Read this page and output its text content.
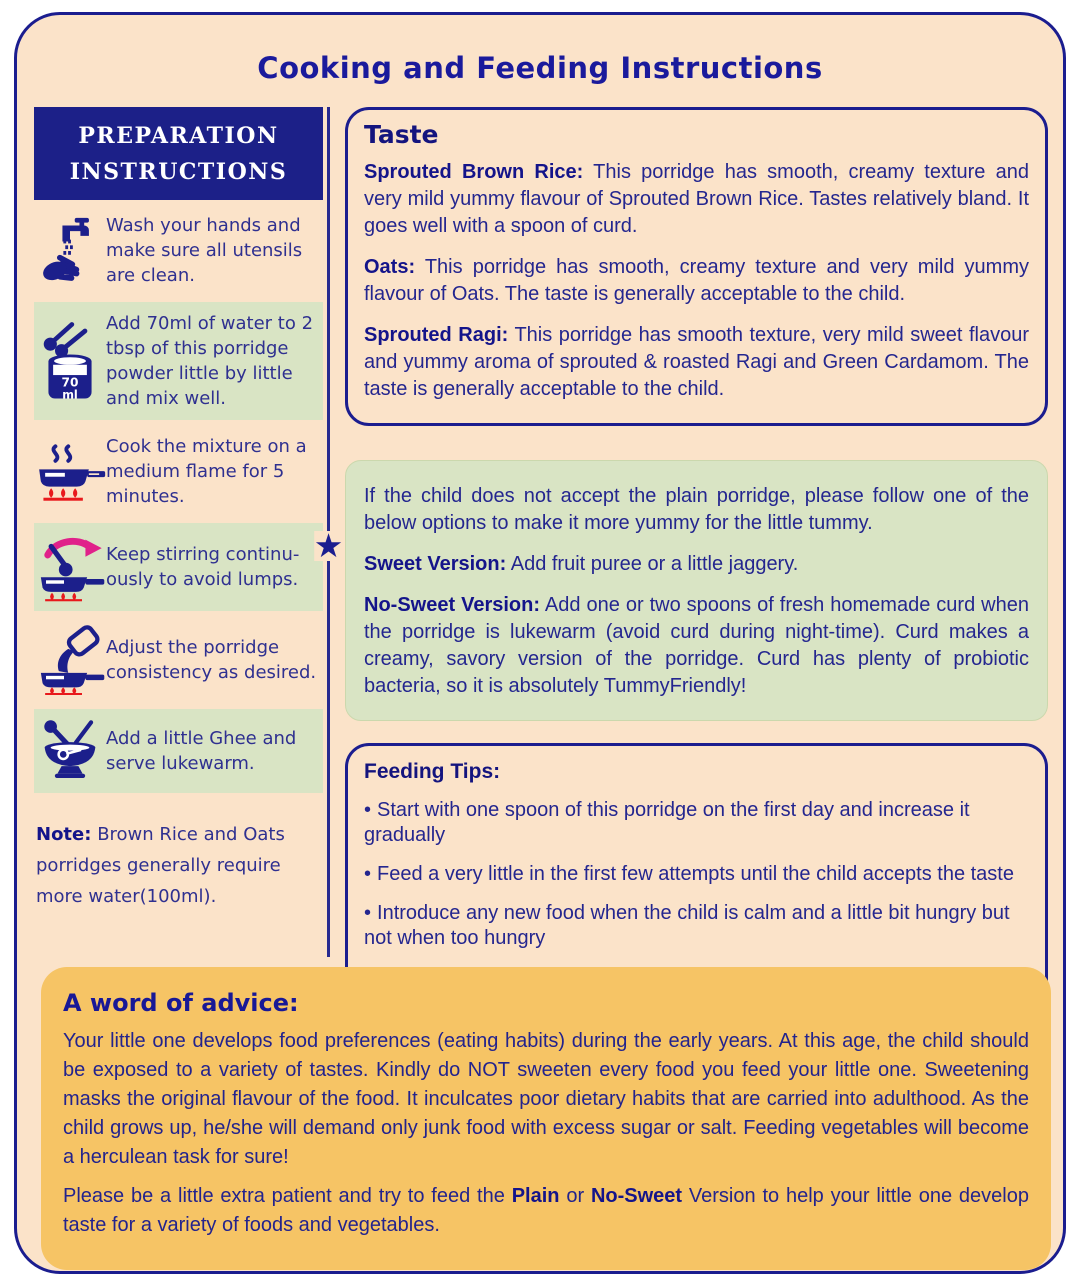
Cooking and Feeding Instructions
PREPARATION
INSTRUCTIONS
Wash your hands and make sure all utensils are clean.
70
ml
Add 70ml of water to 2 tbsp of this porridge powder little by little and mix well.
Cook the mixture on a medium flame for 5 minutes.
Keep stirring continu- ously to avoid lumps.
Adjust the porridge consistency as desired.
Add a little Ghee and serve lukewarm.

Note: Brown Rice and Oats porridges generally require more water(100ml).

★
Taste

Sprouted Brown Rice: This porridge has smooth, creamy texture and very mild yummy flavour of Sprouted Brown Rice. Tastes relatively bland. It goes well with a spoon of curd.

Oats: This porridge has smooth, creamy texture and very mild yummy flavour of Oats. The taste is generally acceptable to the child.

Sprouted Ragi: This porridge has smooth texture, very mild sweet flavour and yummy aroma of sprouted & roasted Ragi and Green Cardamom. The taste is generally acceptable to the child.

If the child does not accept the plain porridge, please follow one of the below options to make it more yummy for the little tummy.

Sweet Version: Add fruit puree or a little jaggery.

No-Sweet Version: Add one or two spoons of fresh homemade curd when the porridge is lukewarm (avoid curd during night-time). Curd makes a creamy, savory version of the porridge. Curd has plenty of probiotic bacteria, so it is absolutely TummyFriendly!

Feeding Tips:
• Start with one spoon of this porridge on the first day and increase it gradually
• Feed a very little in the first few attempts until the child accepts the taste
• Introduce any new food when the child is calm and a little bit hungry but not when too hungry
A word of advice:

Your little one develops food preferences (eating habits) during the early years. At this age, the child should be exposed to a variety of tastes. Kindly do NOT sweeten every food you feed your little one. Sweetening masks the original flavour of the food. It inculcates poor dietary habits that are carried into adulthood. As the child grows up, he/she will demand only junk food with excess sugar or salt. Feeding vegetables will become a herculean task for sure!

Please be a little extra patient and try to feed the Plain or No-Sweet Version to help your little one develop taste for a variety of foods and vegetables.
